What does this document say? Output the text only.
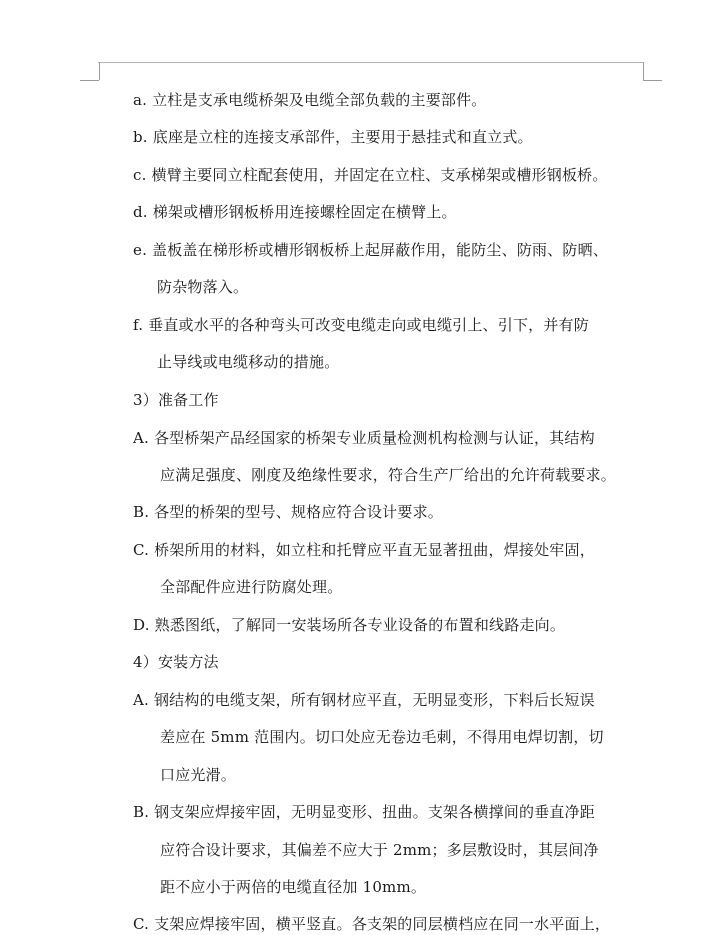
a. 立柱是支承电缆桥架及电缆全部负载的主要部件。
b. 底座是立柱的连接支承部件，主要用于悬挂式和直立式。
c. 横臂主要同立柱配套使用，并固定在立柱、支承梯架或槽形钢板桥。
d. 梯架或槽形钢板桥用连接螺栓固定在横臂上。
e. 盖板盖在梯形桥或槽形钢板桥上起屏蔽作用，能防尘、防雨、防晒、
防杂物落入。
f. 垂直或水平的各种弯头可改变电缆走向或电缆引上、引下，并有防
止导线或电缆移动的措施。
3）准备工作
A. 各型桥架产品经国家的桥架专业质量检测机构检测与认证，其结构
应满足强度、刚度及绝缘性要求，符合生产厂给出的允许荷载要求。
B. 各型的桥架的型号、规格应符合设计要求。
C. 桥架所用的材料，如立柱和托臂应平直无显著扭曲，焊接处牢固，
全部配件应进行防腐处理。
D. 熟悉图纸，了解同一安装场所各专业设备的布置和线路走向。
4）安装方法
A. 钢结构的电缆支架，所有钢材应平直，无明显变形，下料后长短误
差应在 5mm 范围内。切口处应无卷边毛刺，不得用电焊切割，切
口应光滑。
B. 钢支架应焊接牢固，无明显变形、扭曲。支架各横撑间的垂直净距
应符合设计要求，其偏差不应大于 2mm；多层敷设时，其层间净
距不应小于两倍的电缆直径加 10mm。
C. 支架应焊接牢固，横平竖直。各支架的同层横档应在同一水平面上，
